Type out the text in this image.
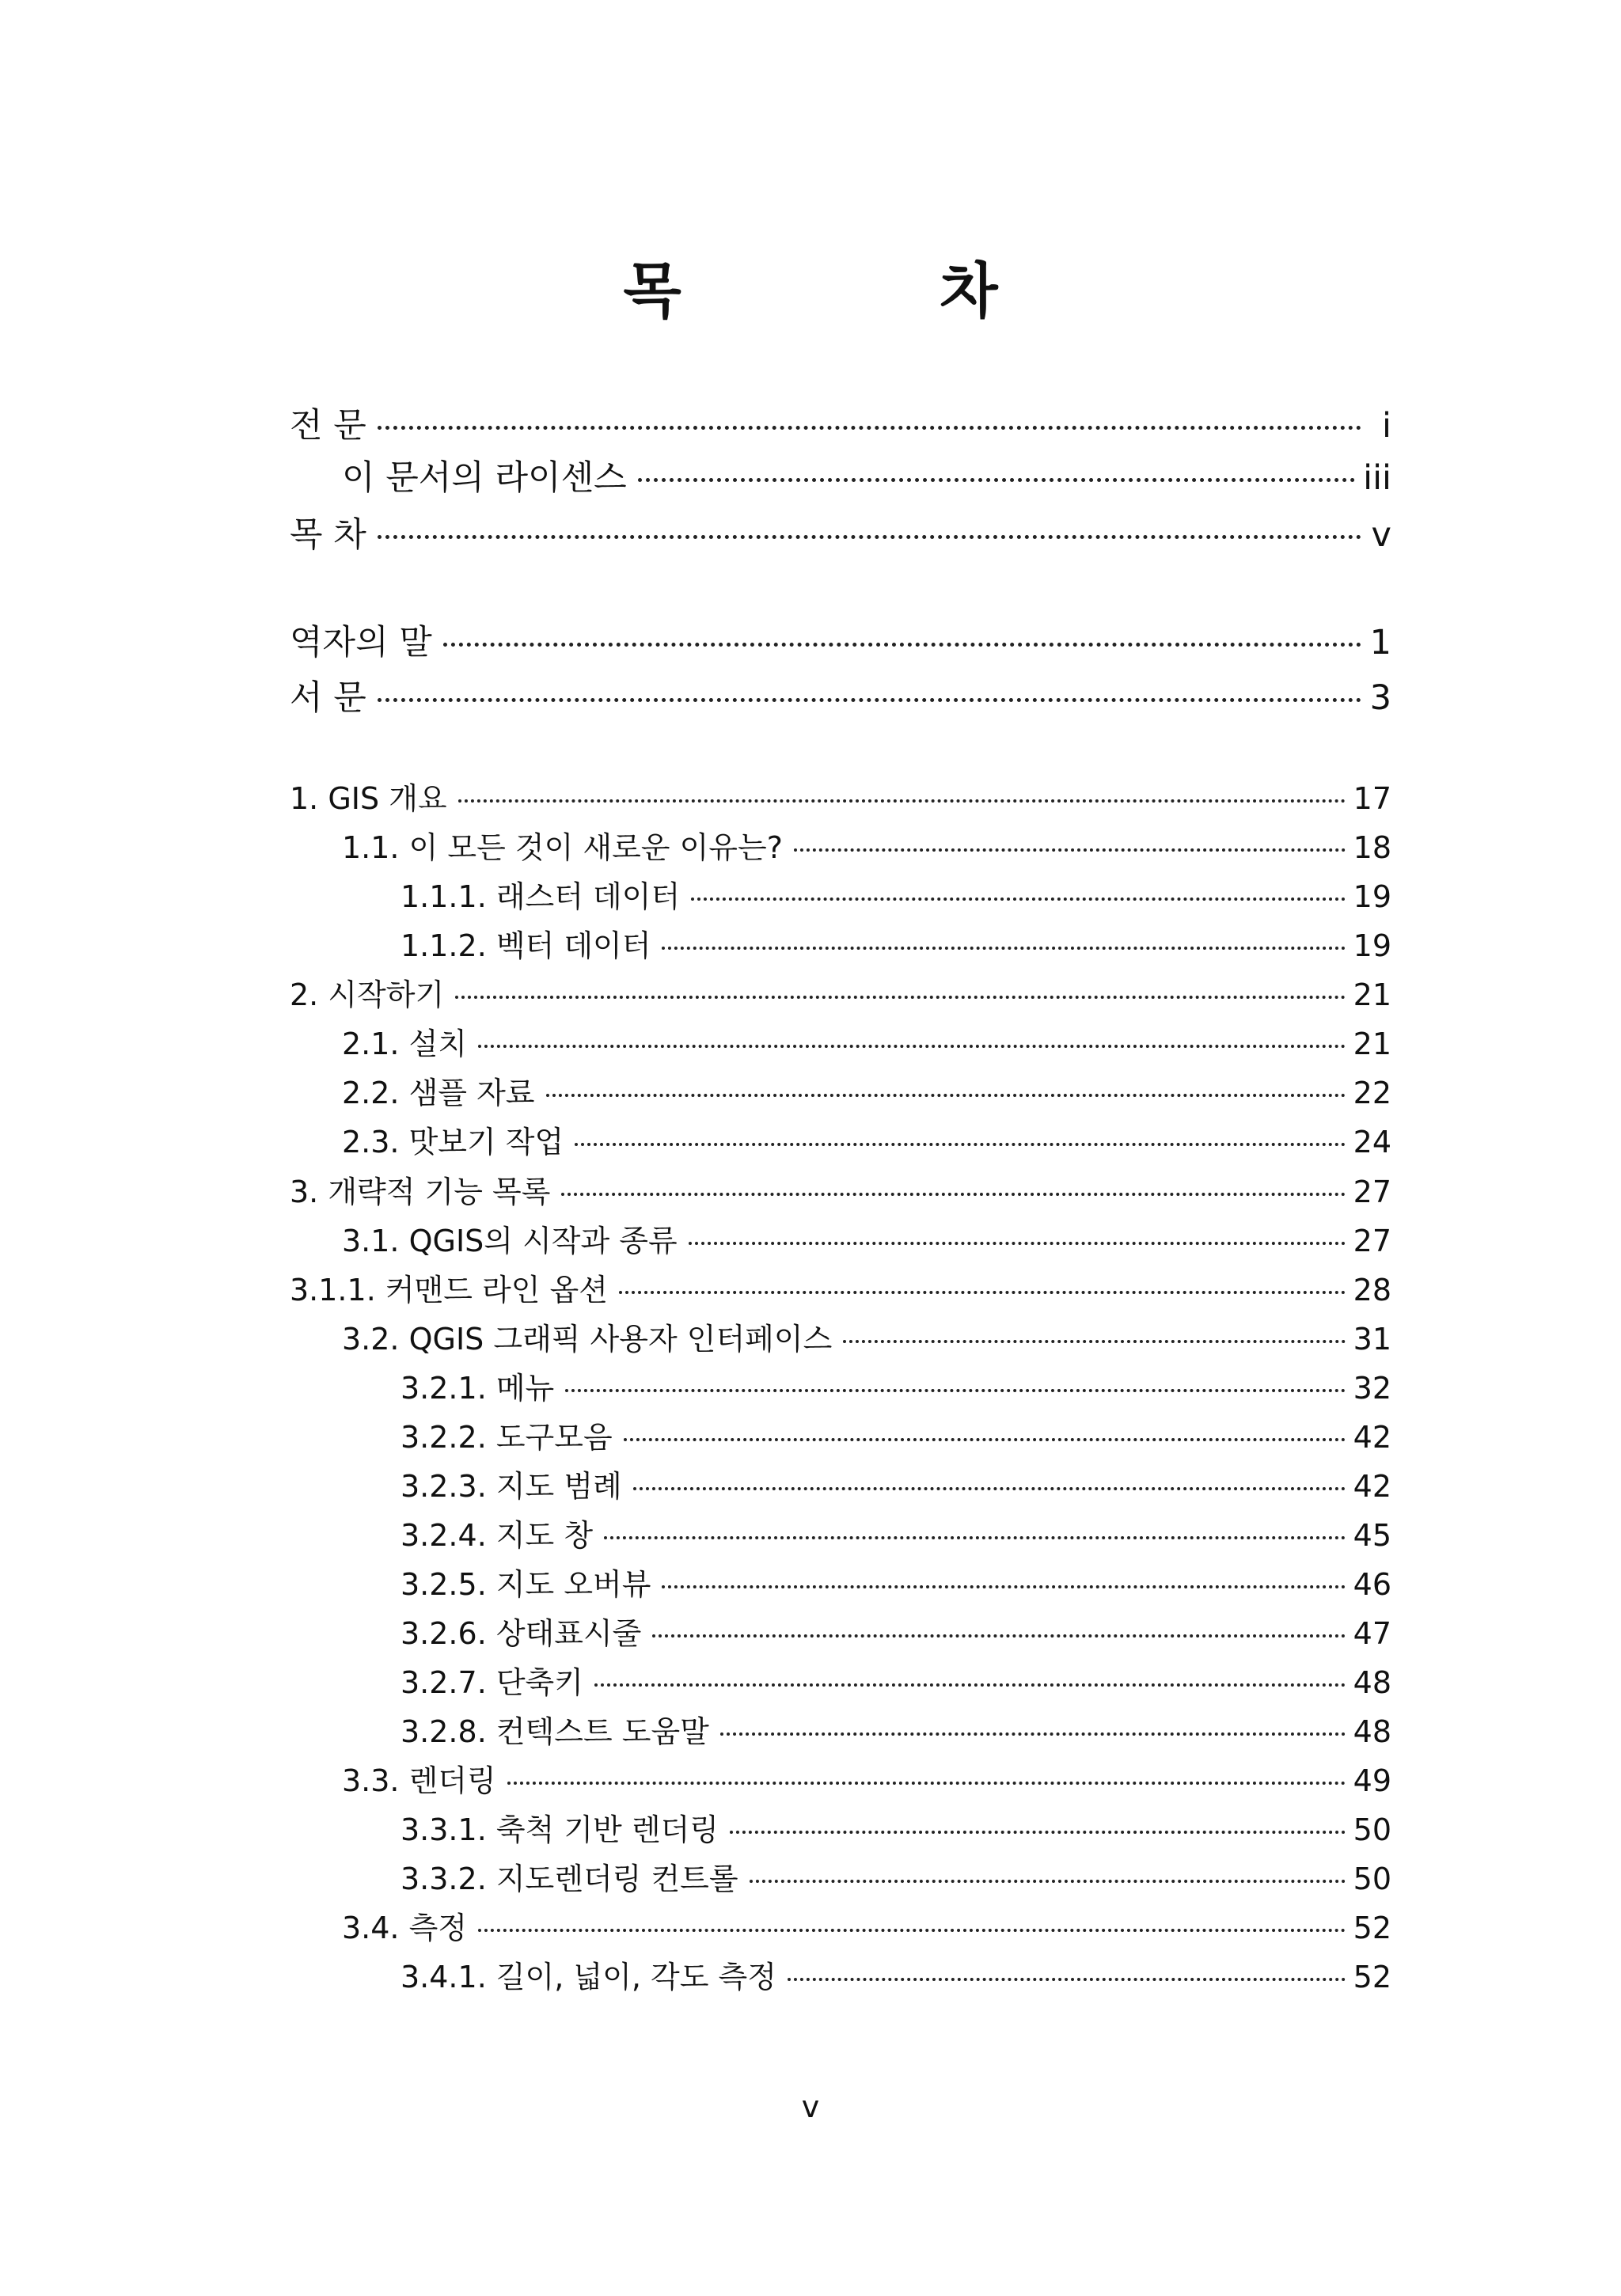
목 차
전 문	i
이 문서의 라이센스	iii
목 차	v
역자의 말	1
서 문	3
1. GIS 개요	17
1.1. 이 모든 것이 새로운 이유는?	18
1.1.1. 래스터 데이터	19
1.1.2. 벡터 데이터	19
2. 시작하기	21
2.1. 설치	21
2.2. 샘플 자료	22
2.3. 맛보기 작업	24
3. 개략적 기능 목록	27
3.1. QGIS의 시작과 종류	27
3.1.1. 커맨드 라인 옵션	28
3.2. QGIS 그래픽 사용자 인터페이스	31
3.2.1. 메뉴	32
3.2.2. 도구모음	42
3.2.3. 지도 범례	42
3.2.4. 지도 창	45
3.2.5. 지도 오버뷰	46
3.2.6. 상태표시줄	47
3.2.7. 단축키	48
3.2.8. 컨텍스트 도움말	48
3.3. 렌더링	49
3.3.1. 축척 기반 렌더링	50
3.3.2. 지도렌더링 컨트롤	50
3.4. 측정	52
3.4.1. 길이, 넓이, 각도 측정	52
v
